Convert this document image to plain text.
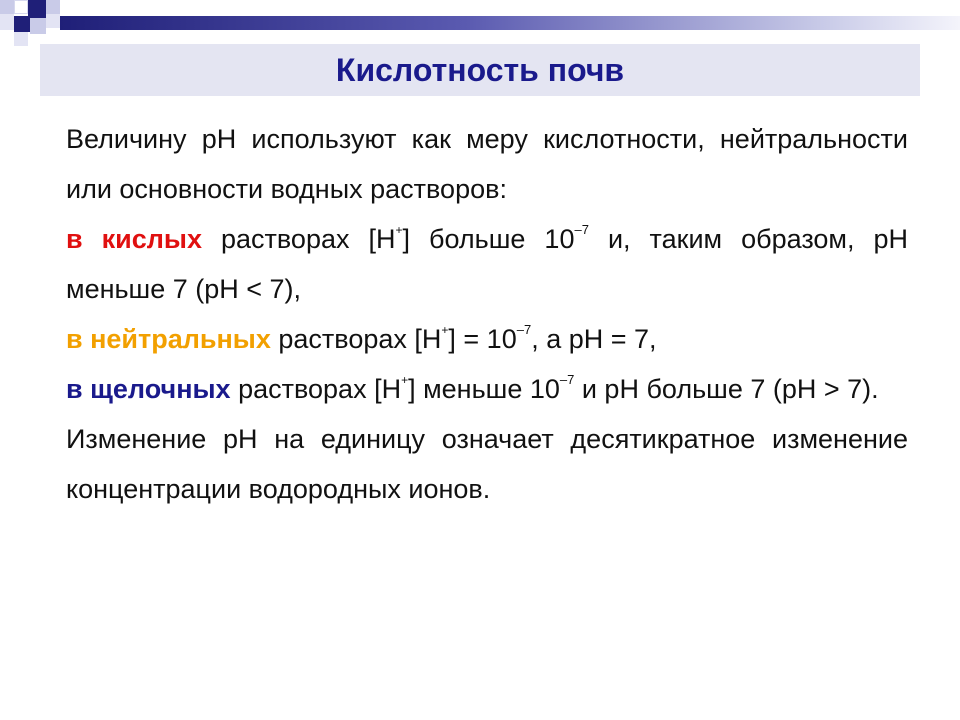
Кислотность почв

Величину pH используют как меру кислотности, нейтральности или основности водных растворов:

в кислых растворах [H+] больше $10^{-7}$ и, таким образом, pH меньше 7 (pH < 7),

в нейтральных растворах $[H^+] = 10^{-7}$, а pH = 7,

в щелочных растворах [H+] меньше $10^{-7}$ и pH больше 7 (pH > 7).

Изменение pH на единицу означает десятикратное изменение концентрации водородных ионов.
